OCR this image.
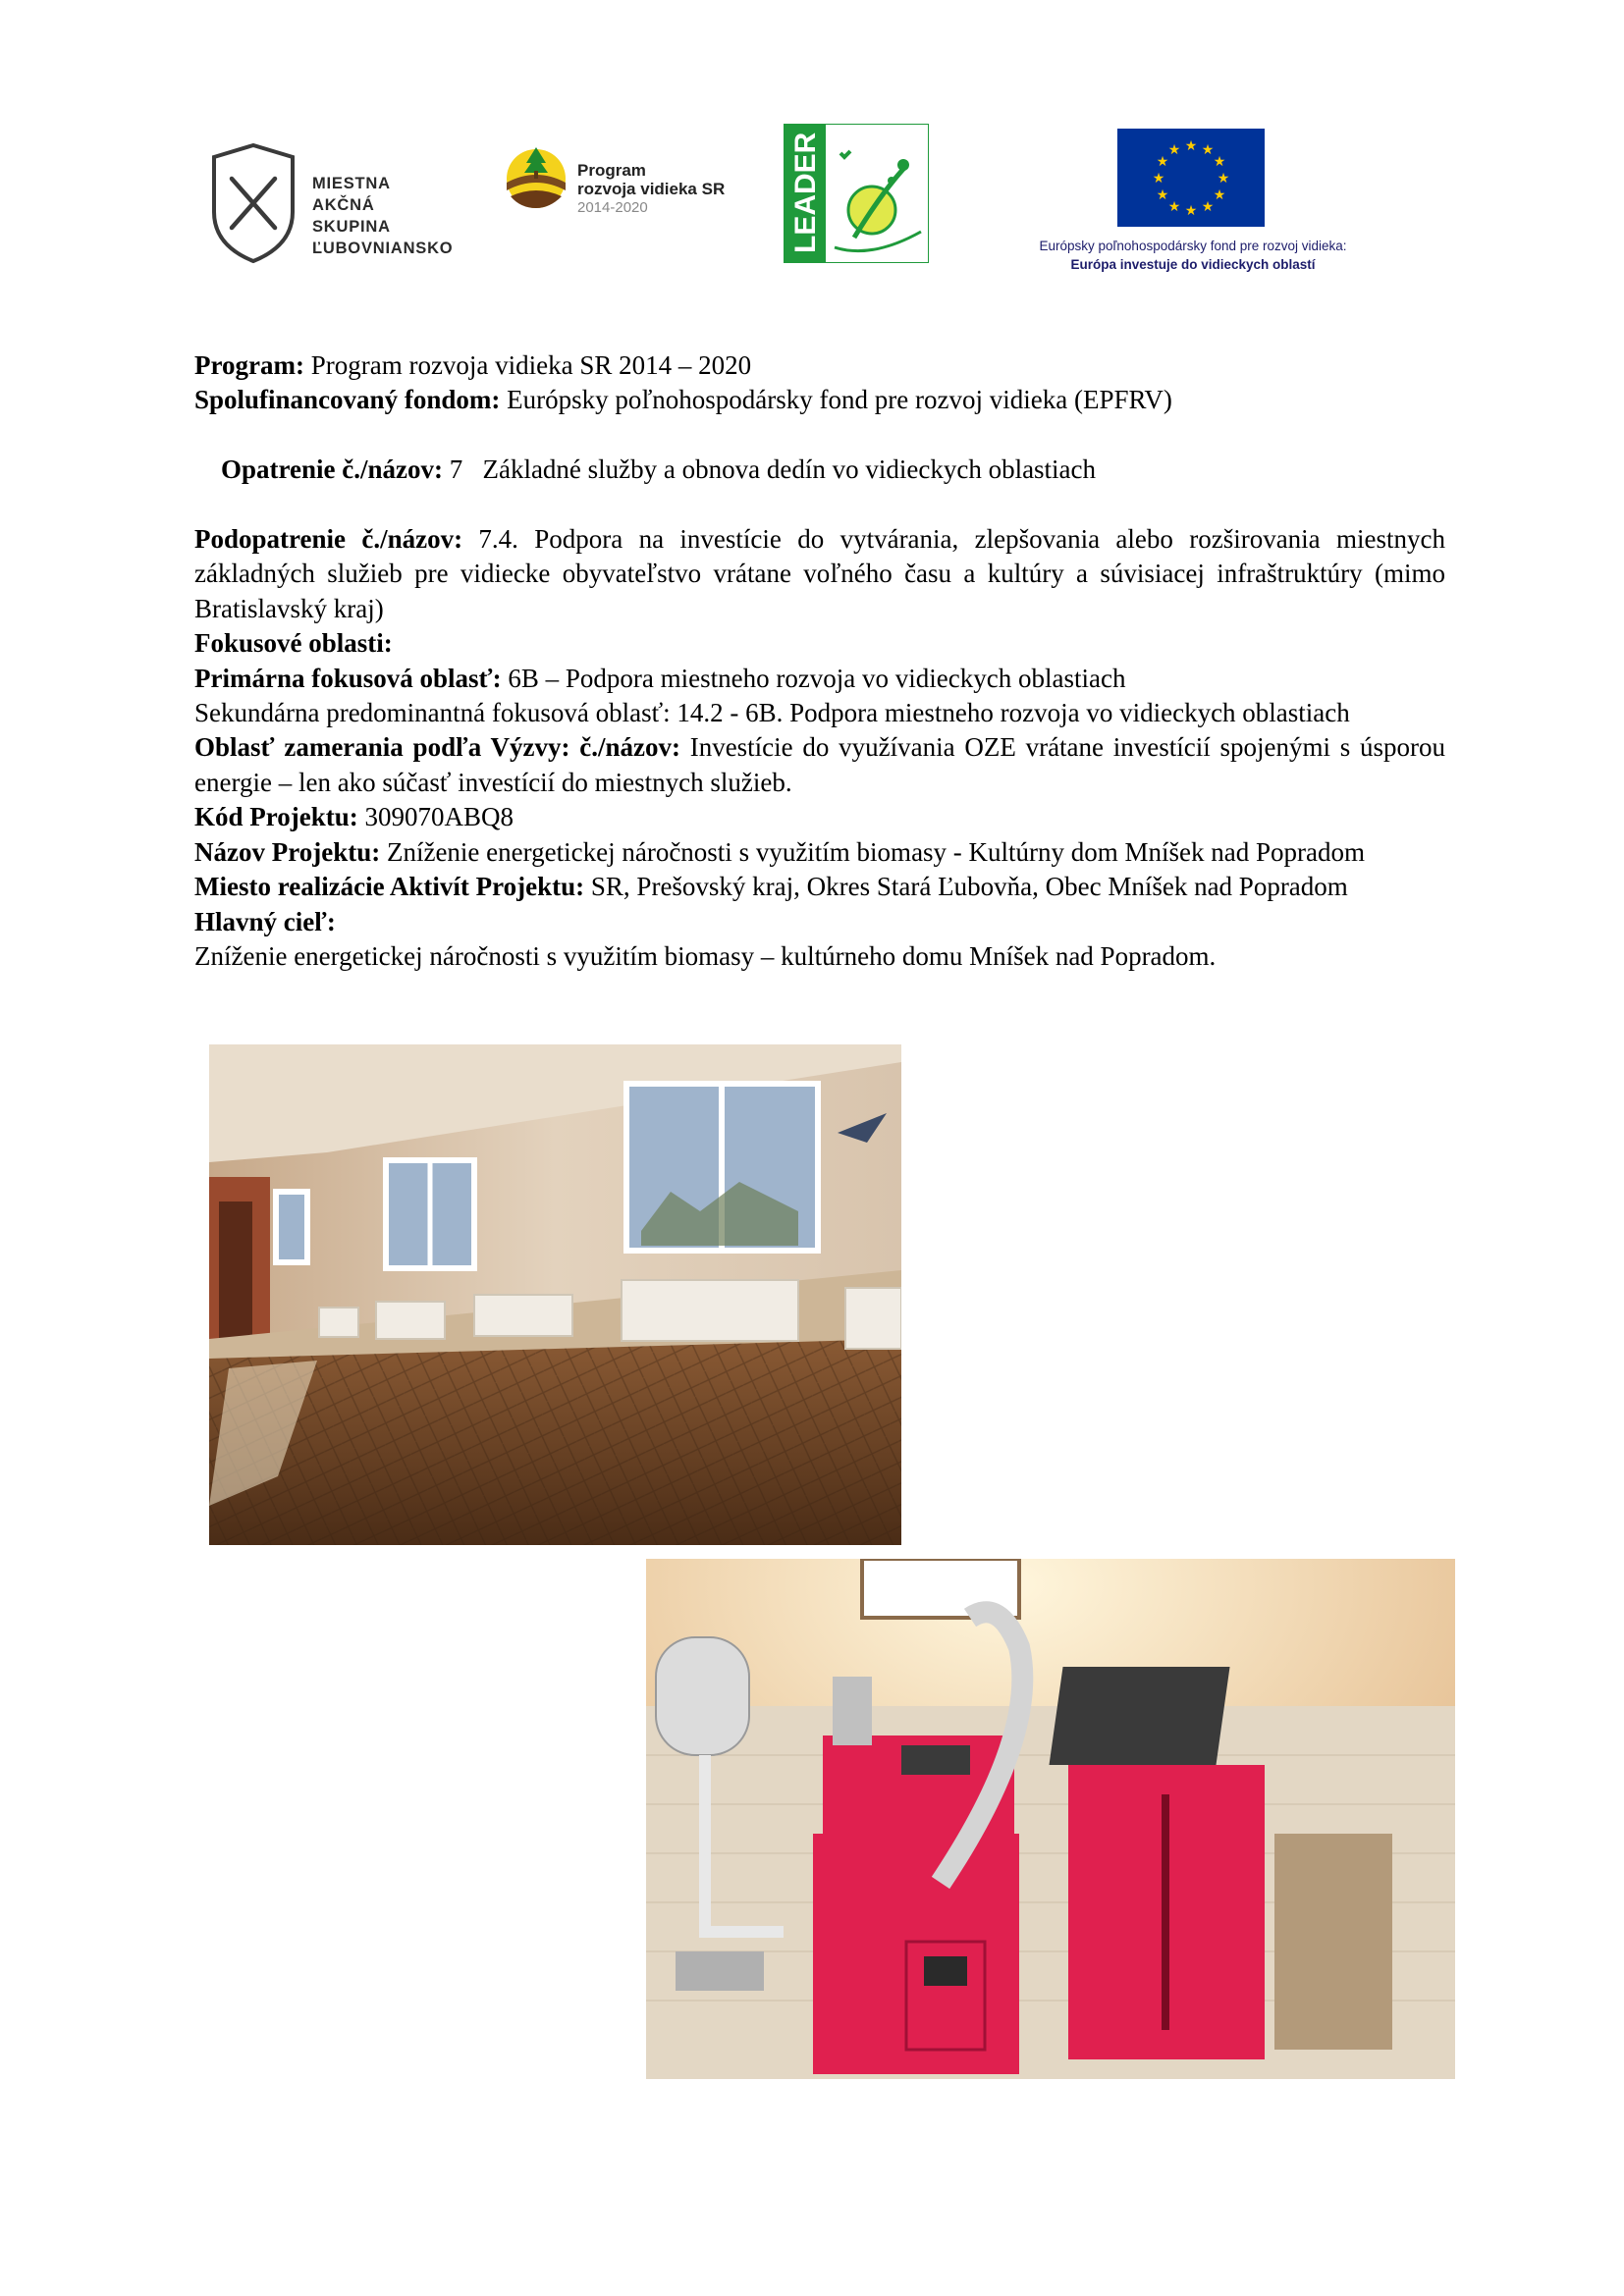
MIESTNA
AKČNÁ
SKUPINA
ĽUBOVNIANSKO
Program
rozvoja vidieka SR
2014-2020	LEADER	★ ★
★
★
★
★
★
★
★
★
★
★
Európsky poľnohospodársky fond pre rozvoj vidieka:
Európa investuje do vidieckych oblastí

Program: Program rozvoja vidieka SR 2014 – 2020

Spolufinancovaný fondom: Európsky poľnohospodársky fond pre rozvoj vidieka (EPFRV)

Opatrenie č./názov: 7   Základné služby a obnova dedín vo vidieckych oblastiach

Podopatrenie č./názov: 7.4. Podpora na investície do vytvárania, zlepšovania alebo rozširovania miestnych základných služieb pre vidiecke obyvateľstvo vrátane voľného času a kultúry a súvisiacej infraštruktúry (mimo Bratislavský kraj)

Fokusové oblasti:

Primárna fokusová oblasť: 6B – Podpora miestneho rozvoja vo vidieckych oblastiach

Sekundárna predominantná fokusová oblasť: 14.2 - 6B. Podpora miestneho rozvoja vo vidieckych oblastiach

Oblasť zamerania podľa Výzvy: č./názov: Investície do využívania OZE vrátane investícií spojenými s úsporou energie – len ako súčasť investícií do miestnych služieb.

Kód Projektu: 309070ABQ8

Názov Projektu: Zníženie energetickej náročnosti s využitím biomasy - Kultúrny dom Mníšek nad Popradom

Miesto realizácie Aktivít Projektu: SR, Prešovský kraj, Okres Stará Ľubovňa, Obec Mníšek nad Popradom

Hlavný cieľ:

Zníženie energetickej náročnosti s využitím biomasy – kultúrneho domu Mníšek nad Popradom.
